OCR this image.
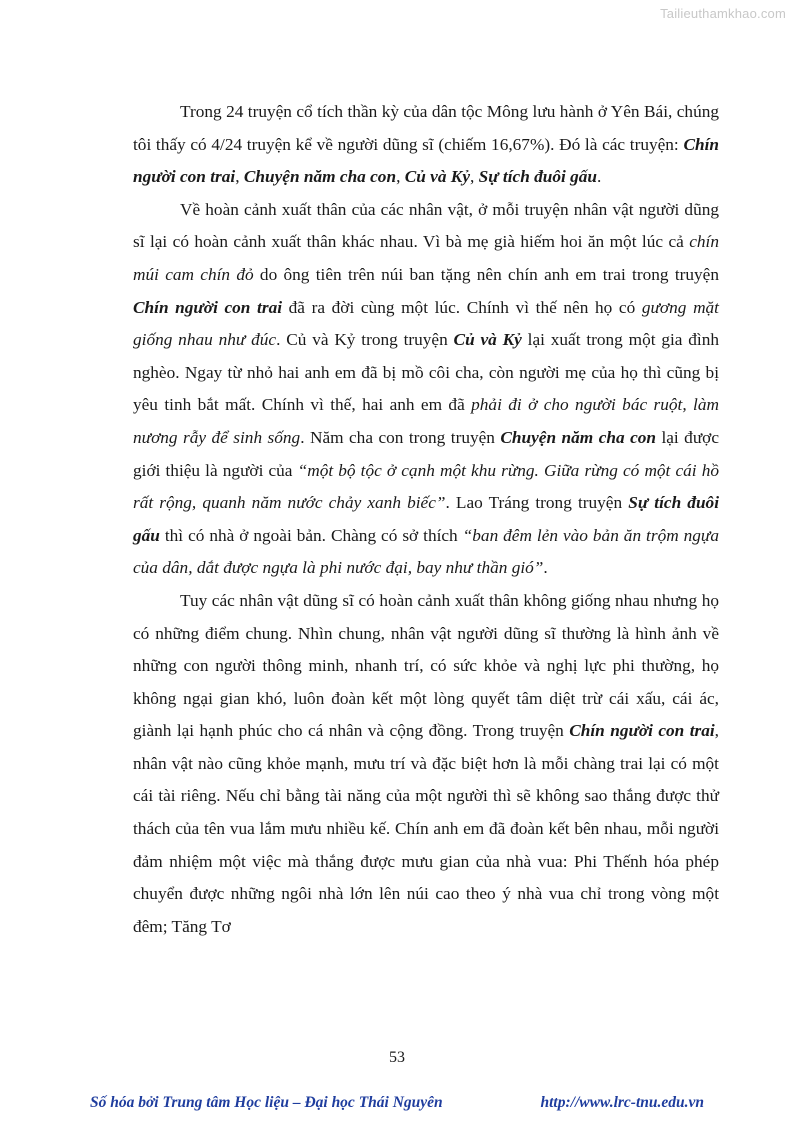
Tailieuthamkhao.com

Trong 24 truyện cổ tích thần kỳ của dân tộc Mông lưu hành ở Yên Bái, chúng tôi thấy có 4/24 truyện kể về người dũng sĩ (chiếm 16,67%). Đó là các truyện: Chín người con trai, Chuyện năm cha con, Củ và Kỷ, Sự tích đuôi gấu.

Về hoàn cảnh xuất thân của các nhân vật, ở mỗi truyện nhân vật người dũng sĩ lại có hoàn cảnh xuất thân khác nhau. Vì bà mẹ già hiếm hoi ăn một lúc cả chín múi cam chín đỏ do ông tiên trên núi ban tặng nên chín anh em trai trong truyện Chín người con trai đã ra đời cùng một lúc. Chính vì thế nên họ có gương mặt giống nhau như đúc. Củ và Kỷ trong truyện Củ và Kỷ lại xuất trong một gia đình nghèo. Ngay từ nhỏ hai anh em đã bị mồ côi cha, còn người mẹ của họ thì cũng bị yêu tinh bắt mất. Chính vì thế, hai anh em đã phải đi ở cho người bác ruột, làm nương rẫy để sinh sống. Năm cha con trong truyện Chuyện năm cha con lại được giới thiệu là người của “một bộ tộc ở cạnh một khu rừng. Giữa rừng có một cái hồ rất rộng, quanh năm nước chảy xanh biếc”. Lao Tráng trong truyện Sự tích đuôi gấu thì có nhà ở ngoài bản. Chàng có sở thích “ban đêm lẻn vào bản ăn trộm ngựa của dân, dắt được ngựa là phi nước đại, bay như thần gió”.

Tuy các nhân vật dũng sĩ có hoàn cảnh xuất thân không giống nhau nhưng họ có những điểm chung. Nhìn chung, nhân vật người dũng sĩ thường là hình ảnh về những con người thông minh, nhanh trí, có sức khỏe và nghị lực phi thường, họ không ngại gian khó, luôn đoàn kết một lòng quyết tâm diệt trừ cái xấu, cái ác, giành lại hạnh phúc cho cá nhân và cộng đồng. Trong truyện Chín người con trai, nhân vật nào cũng khỏe mạnh, mưu trí và đặc biệt hơn là mỗi chàng trai lại có một cái tài riêng. Nếu chỉ bằng tài năng của một người thì sẽ không sao thắng được thử thách của tên vua lắm mưu nhiều kế. Chín anh em đã đoàn kết bên nhau, mỗi người đảm nhiệm một việc mà thắng được mưu gian của nhà vua: Phi Thếnh hóa phép chuyển được những ngôi nhà lớn lên núi cao theo ý nhà vua chỉ trong vòng một đêm; Tăng Tơ

53
Số hóa bởi Trung tâm Học liệu – Đại học Thái Nguyên	http://www.lrc-tnu.edu.vn
